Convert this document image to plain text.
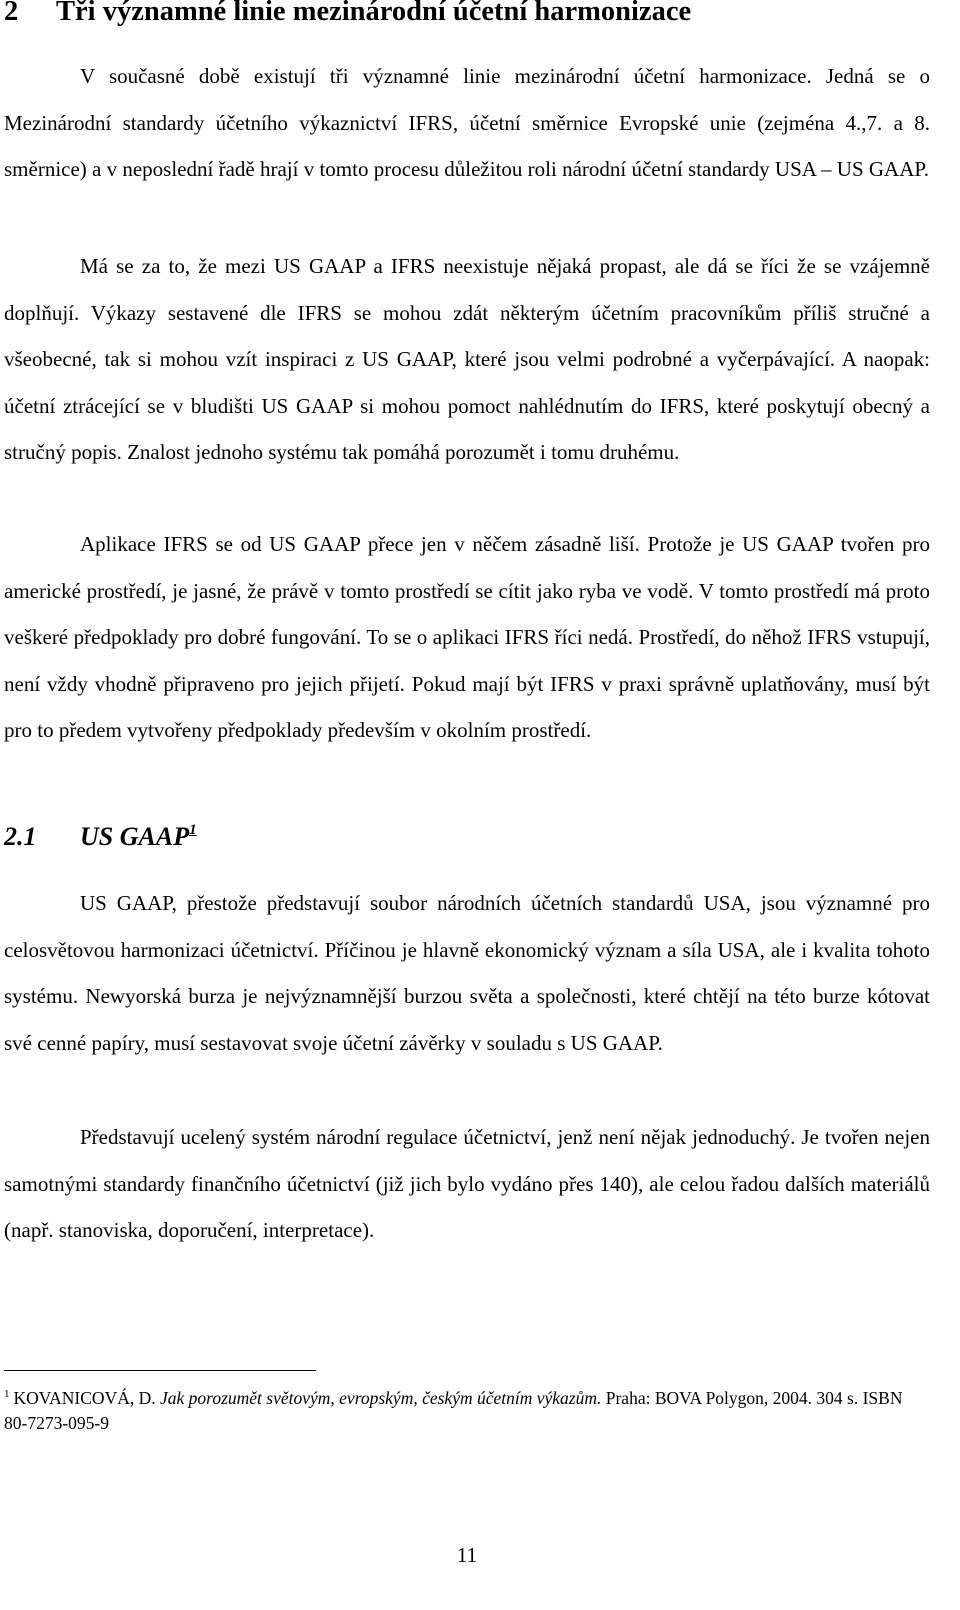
2 Tři významné linie mezinárodní účetní harmonizace

V současné době existují tři významné linie mezinárodní účetní harmonizace. Jedná se o Mezinárodní standardy účetního výkaznictví IFRS, účetní směrnice Evropské unie (zejména 4.,7. a 8. směrnice) a v neposlední řadě hrají v tomto procesu důležitou roli národní účetní standardy USA – US GAAP.

Má se za to, že mezi US GAAP a IFRS neexistuje nějaká propast, ale dá se říci že se vzájemně doplňují. Výkazy sestavené dle IFRS se mohou zdát některým účetním pracovníkům příliš stručné a všeobecné, tak si mohou vzít inspiraci z US GAAP, které jsou velmi podrobné a vyčerpávající. A naopak: účetní ztrácející se v bludišti US GAAP si mohou pomoct nahlédnutím do IFRS, které poskytují obecný a stručný popis. Znalost jednoho systému tak pomáhá porozumět i tomu druhému.

Aplikace IFRS se od US GAAP přece jen v něčem zásadně liší. Protože je US GAAP tvořen pro americké prostředí, je jasné, že právě v tomto prostředí se cítit jako ryba ve vodě. V tomto prostředí má proto veškeré předpoklady pro dobré fungování. To se o aplikaci IFRS říci nedá. Prostředí, do něhož IFRS vstupují, není vždy vhodně připraveno pro jejich přijetí. Pokud mají být IFRS v praxi správně uplatňovány, musí být pro to předem vytvořeny předpoklady především v okolním prostředí.

2.1 US GAAP$^1$

US GAAP, přestože představují soubor národních účetních standardů USA, jsou významné pro celosvětovou harmonizaci účetnictví. Příčinou je hlavně ekonomický význam a síla USA, ale i kvalita tohoto systému. Newyorská burza je nejvýznamnější burzou světa a společnosti, které chtějí na této burze kótovat své cenné papíry, musí sestavovat svoje účetní závěrky v souladu s US GAAP.

Představují ucelený systém národní regulace účetnictví, jenž není nějak jednoduchý. Je tvořen nejen samotnými standardy finančního účetnictví (již jich bylo vydáno přes 140), ale celou řadou dalších materiálů (např. stanoviska, doporučení, interpretace).

$^1$ KOVANICOVÁ, D. Jak porozumět světovým, evropským, českým účetním výkazům. Praha: BOVA Polygon, 2004. 304 s. ISBN 80-7273-095-9

11
